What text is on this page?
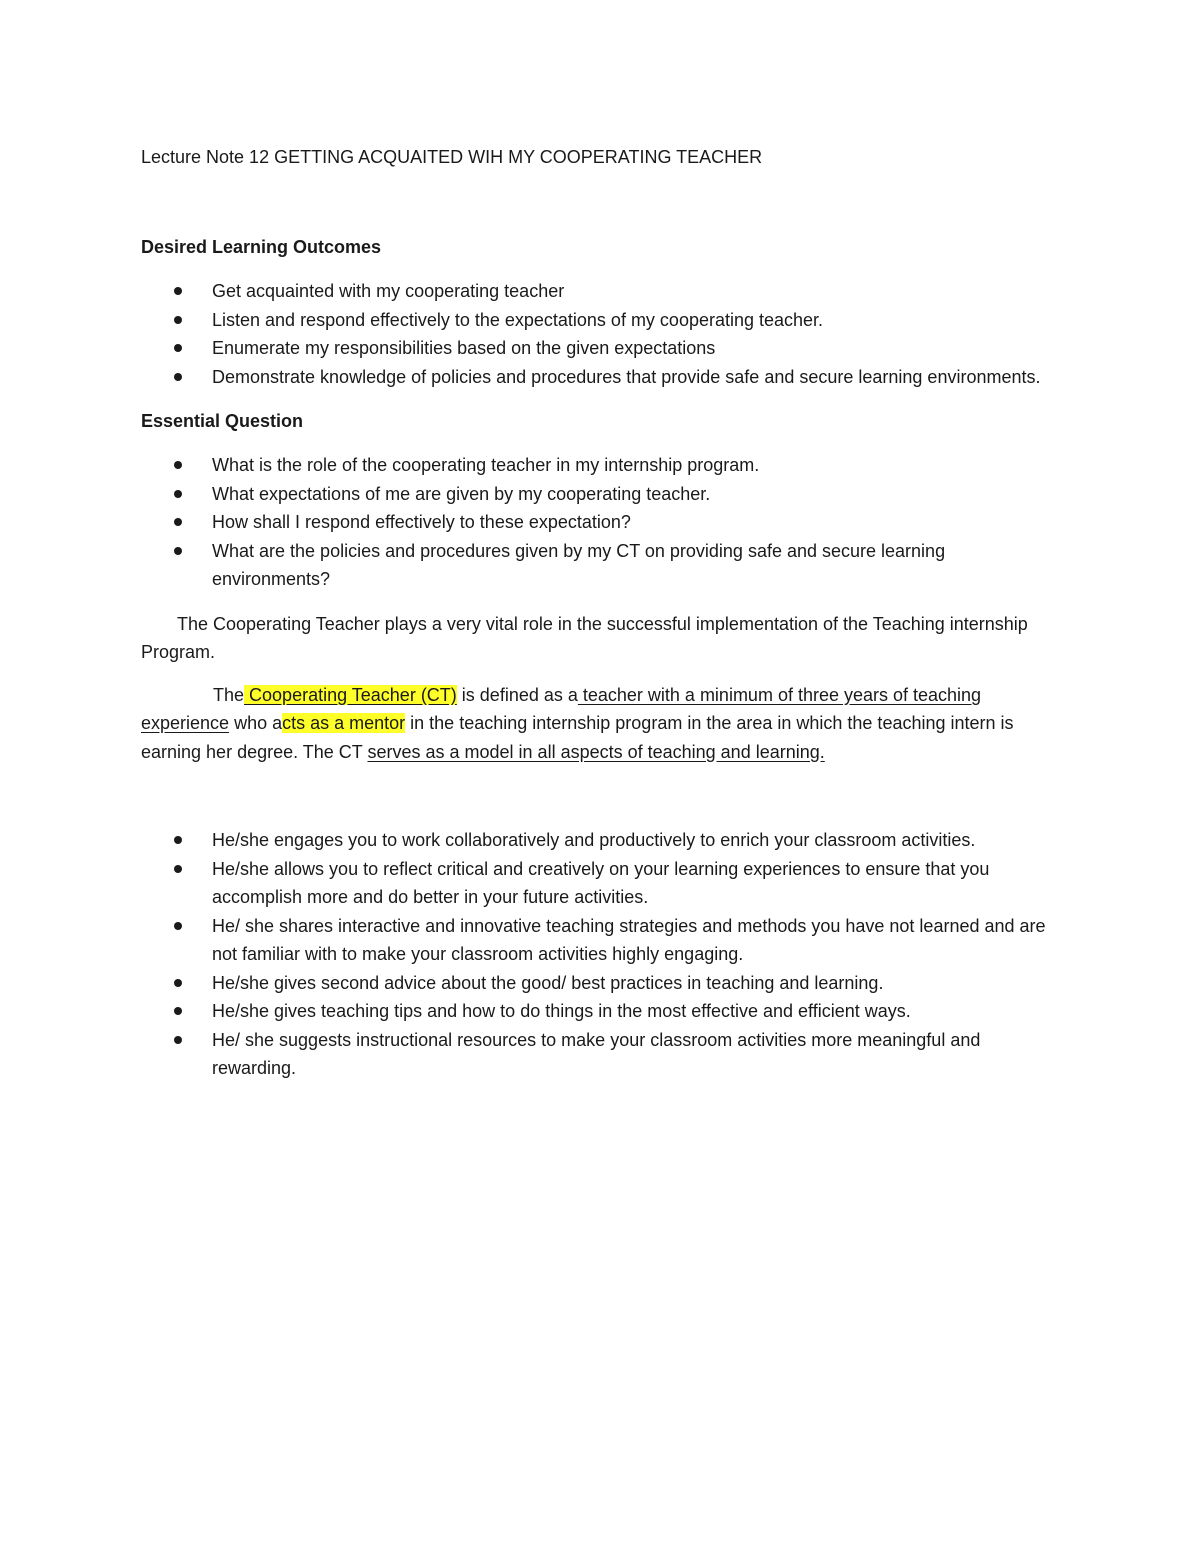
Lecture Note 12 GETTING ACQUAITED WIH MY COOPERATING TEACHER
Desired Learning Outcomes
Get acquainted with my cooperating teacher
Listen and respond effectively to the expectations of my cooperating teacher.
Enumerate my responsibilities based on the given expectations
Demonstrate knowledge of policies and procedures that provide safe and secure learning environments.
Essential Question
What is the role of the cooperating teacher in my internship program.
What expectations of me are given by my cooperating teacher.
How shall I respond effectively to these expectation?
What are the policies and procedures given by my CT on providing safe and secure learning environments?

The Cooperating Teacher plays a very vital role in the successful implementation of the Teaching internship Program.

The Cooperating Teacher (CT) is defined as a teacher with a minimum of three years of teaching experience who acts as a mentor in the teaching internship program in the area in which the teaching intern is earning her degree. The CT serves as a model in all aspects of teaching and learning.

He/she engages you to work collaboratively and productively to enrich your classroom activities.
He/she allows you to reflect critical and creatively on your learning experiences to ensure that you accomplish more and do better in your future activities.
He/ she shares interactive and innovative teaching strategies and methods you have not learned and are not familiar with to make your classroom activities highly engaging.
He/she gives second advice about the good/ best practices in teaching and learning.
He/she gives teaching tips and how to do things in the most effective and efficient ways.
He/ she suggests instructional resources to make your classroom activities more meaningful and rewarding.
